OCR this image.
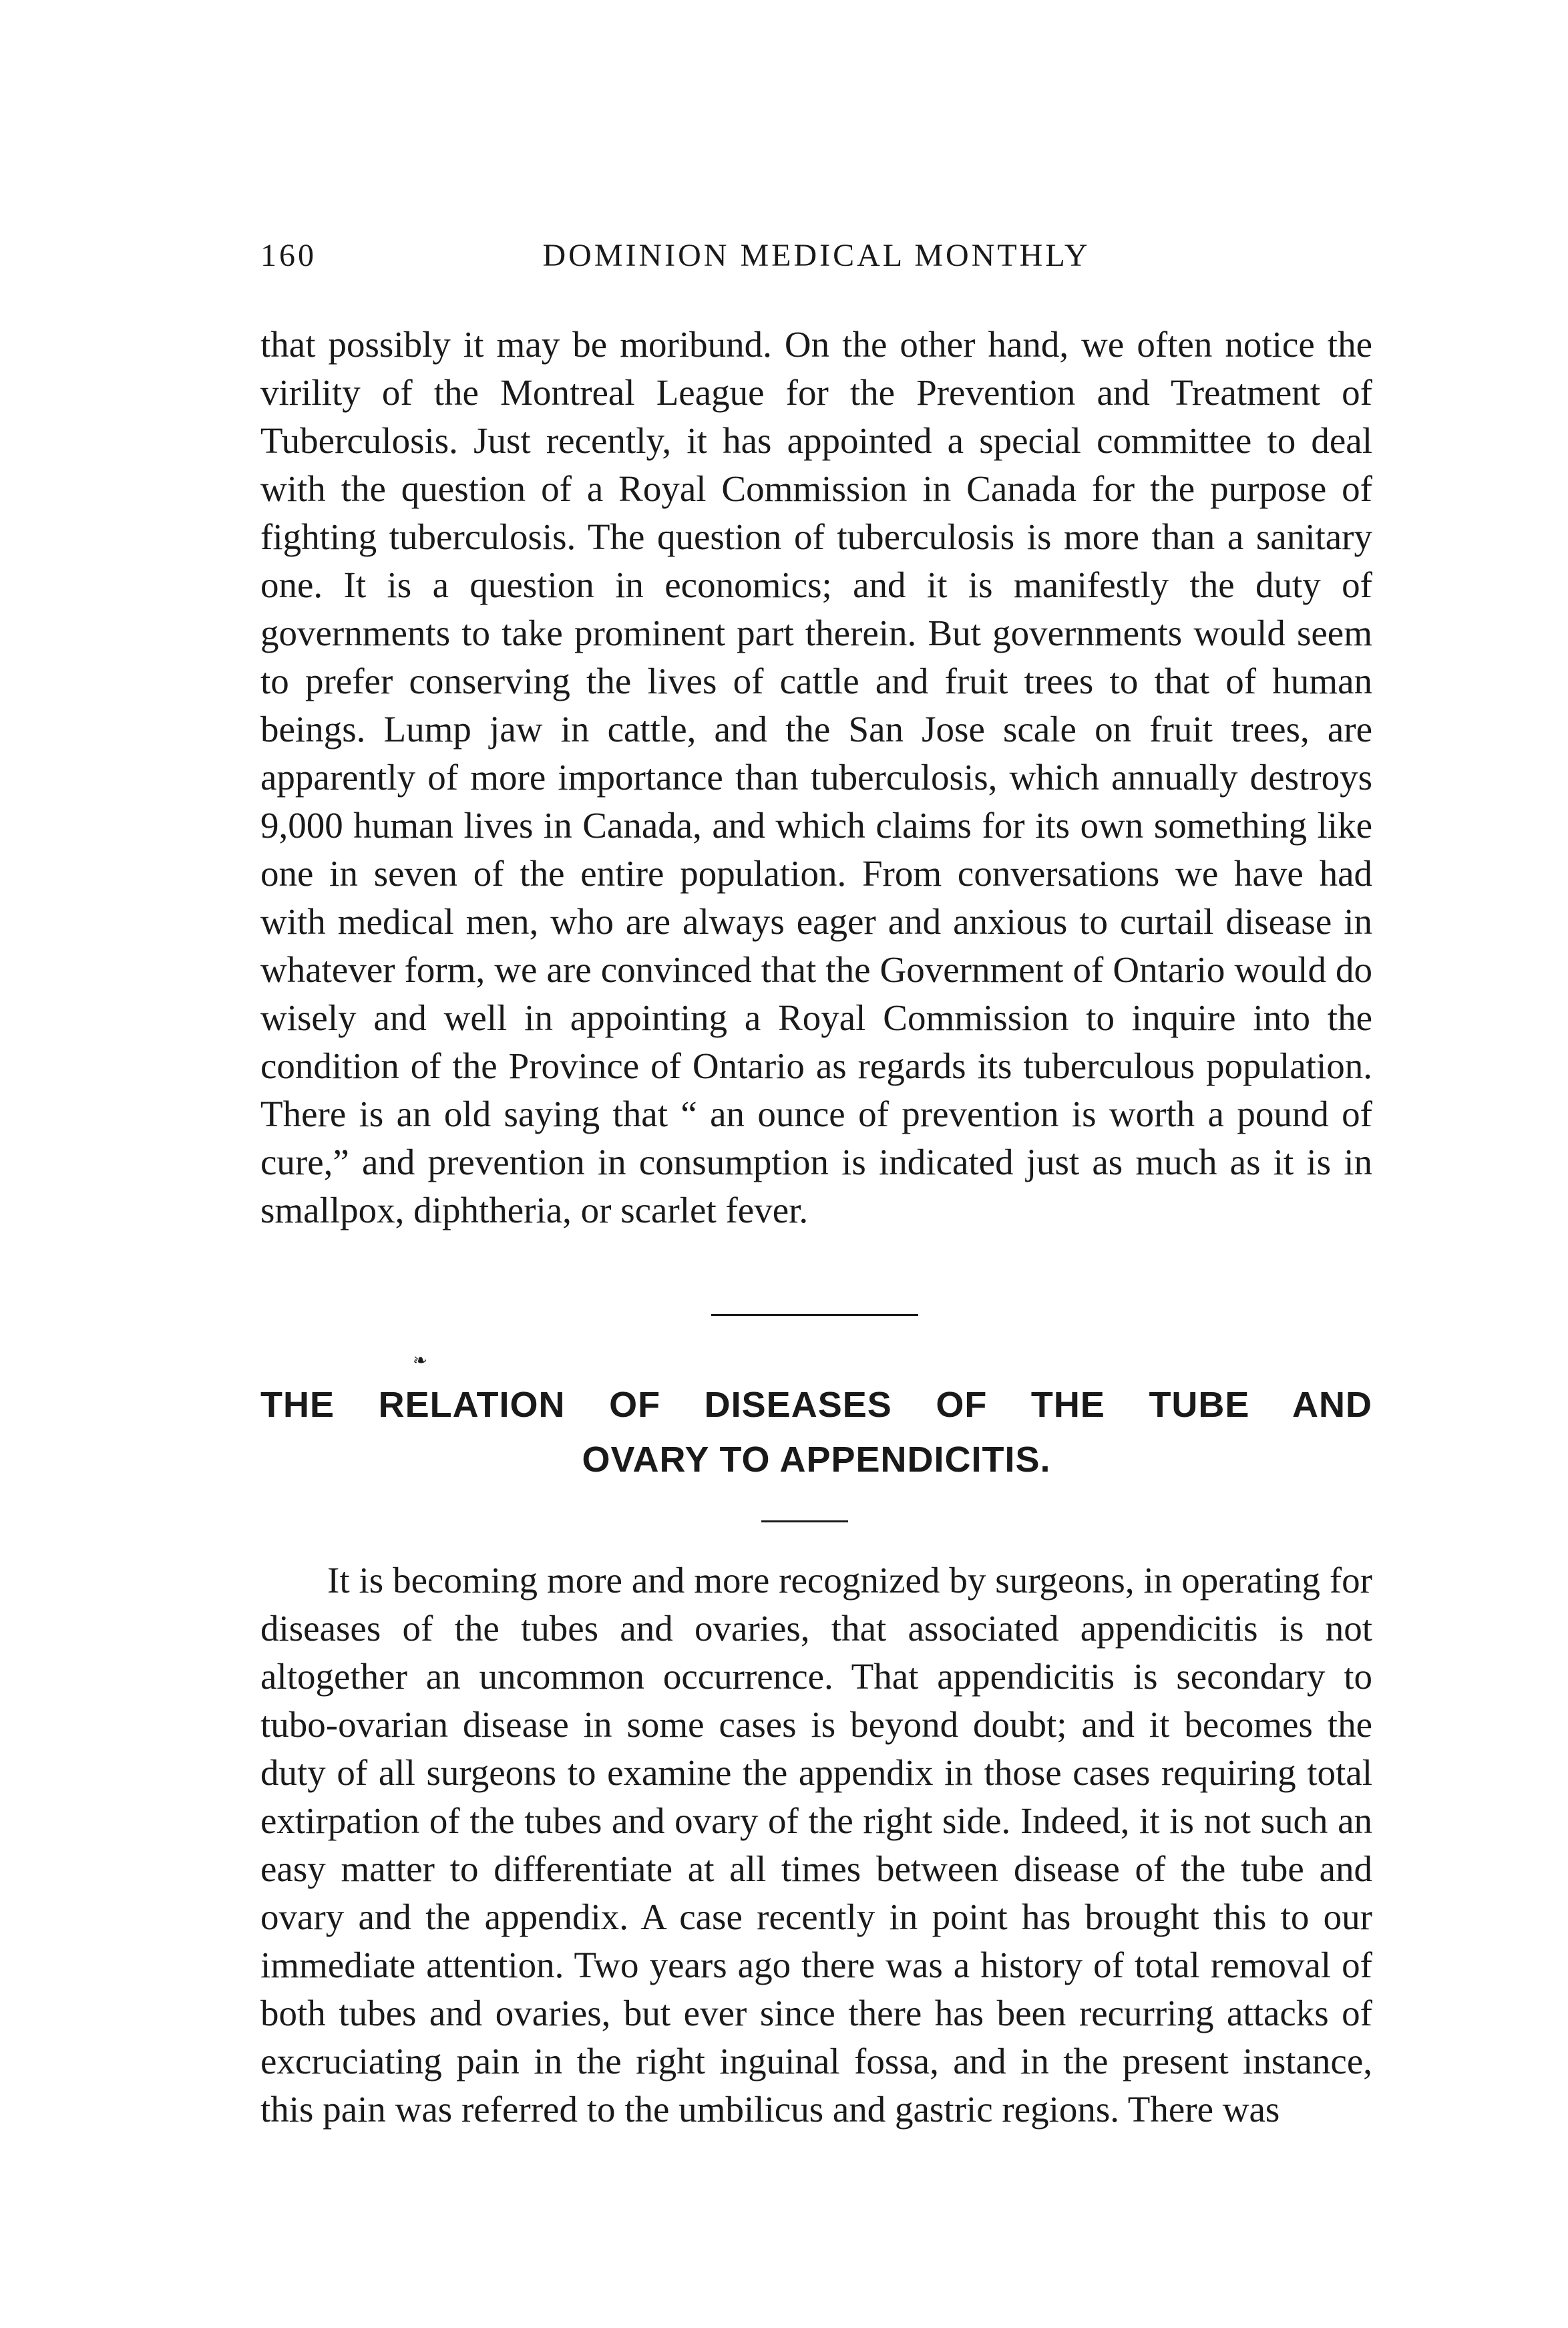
160	DOMINION MEDICAL MONTHLY

that possibly it may be moribund. On the other hand, we often notice the virility of the Montreal League for the Prevention and Treatment of Tuberculosis. Just recently, it has appointed a special committee to deal with the question of a Royal Commission in Canada for the purpose of fighting tuberculosis. The question of tuberculosis is more than a sanitary one. It is a question in economics; and it is manifestly the duty of governments to take prominent part therein. But governments would seem to prefer conserving the lives of cattle and fruit trees to that of human beings. Lump jaw in cattle, and the San Jose scale on fruit trees, are apparently of more importance than tuberculosis, which annually destroys 9,000 human lives in Canada, and which claims for its own something like one in seven of the entire population. From conversations we have had with medical men, who are always eager and anxious to curtail disease in whatever form, we are convinced that the Government of Ontario would do wisely and well in appointing a Royal Commission to inquire into the condition of the Province of Ontario as regards its tuberculous population. There is an old saying that “ an ounce of prevention is worth a pound of cure,” and prevention in consumption is indicated just as much as it is in smallpox, diphtheria, or scarlet fever.

❧
THE RELATION OF DISEASES OF THE TUBE AND
OVARY TO APPENDICITIS.

It is becoming more and more recognized by surgeons, in operating for diseases of the tubes and ovaries, that associated appendicitis is not altogether an uncommon occurrence. That appendicitis is secondary to tubo-ovarian disease in some cases is beyond doubt; and it becomes the duty of all surgeons to examine the appendix in those cases requiring total extirpation of the tubes and ovary of the right side. Indeed, it is not such an easy matter to differentiate at all times between disease of the tube and ovary and the appendix. A case recently in point has brought this to our immediate attention. Two years ago there was a history of total removal of both tubes and ovaries, but ever since there has been recurring attacks of excruciating pain in the right inguinal fossa, and in the present instance, this pain was referred to the umbilicus and gastric regions. There was
